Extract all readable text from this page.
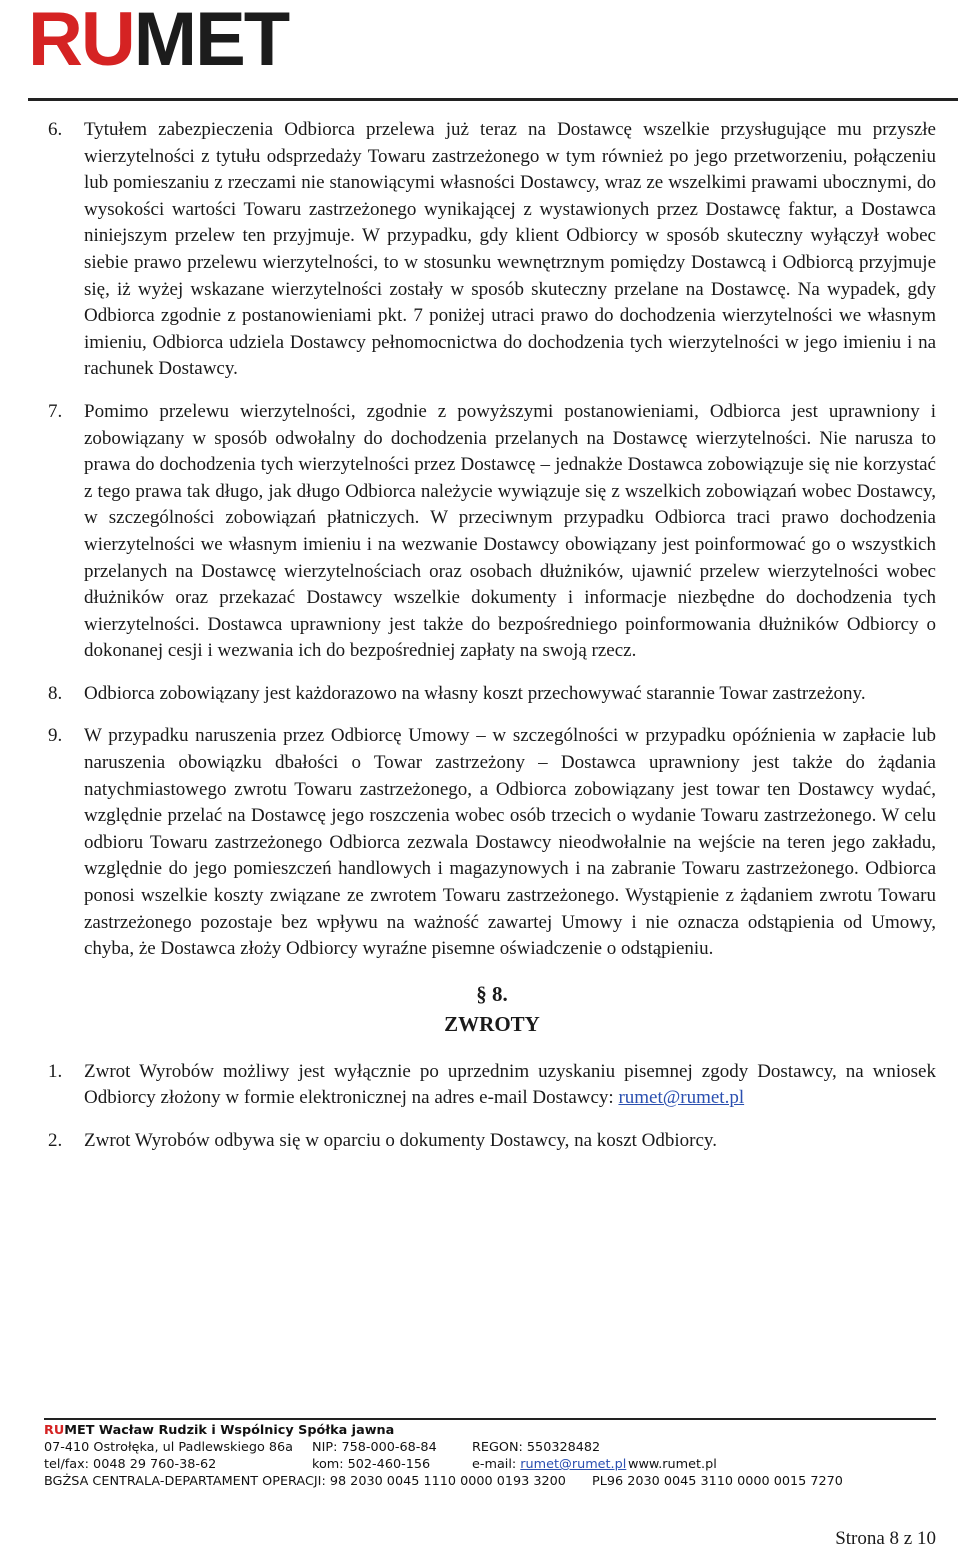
RUMET
6. Tytułem zabezpieczenia Odbiorca przelewa już teraz na Dostawcę wszelkie przysługujące mu przyszłe wierzytelności z tytułu odsprzedaży Towaru zastrzeżonego w tym również po jego przetworzeniu, połączeniu lub pomieszaniu z rzeczami nie stanowiącymi własności Dostawcy, wraz ze wszelkimi prawami ubocznymi, do wysokości wartości Towaru zastrzeżonego wynikającej z wystawionych przez Dostawcę faktur, a Dostawca niniejszym przelew ten przyjmuje. W przypadku, gdy klient Odbiorcy w sposób skuteczny wyłączył wobec siebie prawo przelewu wierzytelności, to w stosunku wewnętrznym pomiędzy Dostawcą i Odbiorcą przyjmuje się, iż wyżej wskazane wierzytelności zostały w sposób skuteczny przelane na Dostawcę. Na wypadek, gdy Odbiorca zgodnie z postanowieniami pkt. 7 poniżej utraci prawo do dochodzenia wierzytelności we własnym imieniu, Odbiorca udziela Dostawcy pełnomocnictwa do dochodzenia tych wierzytelności w jego imieniu i na rachunek Dostawcy.
7. Pomimo przelewu wierzytelności, zgodnie z powyższymi postanowieniami, Odbiorca jest uprawniony i zobowiązany w sposób odwołalny do dochodzenia przelanych na Dostawcę wierzytelności. Nie narusza to prawa do dochodzenia tych wierzytelności przez Dostawcę – jednakże Dostawca zobowiązuje się nie korzystać z tego prawa tak długo, jak długo Odbiorca należycie wywiązuje się z wszelkich zobowiązań wobec Dostawcy, w szczególności zobowiązań płatniczych. W przeciwnym przypadku Odbiorca traci prawo dochodzenia wierzytelności we własnym imieniu i na wezwanie Dostawcy obowiązany jest poinformować go o wszystkich przelanych na Dostawcę wierzytelnościach oraz osobach dłużników, ujawnić przelew wierzytelności wobec dłużników oraz przekazać Dostawcy wszelkie dokumenty i informacje niezbędne do dochodzenia tych wierzytelności. Dostawca uprawniony jest także do bezpośredniego poinformowania dłużników Odbiorcy o dokonanej cesji i wezwania ich do bezpośredniej zapłaty na swoją rzecz.
8. Odbiorca zobowiązany jest każdorazowo na własny koszt przechowywać starannie Towar zastrzeżony.
9. W przypadku naruszenia przez Odbiorcę Umowy – w szczególności w przypadku opóźnienia w zapłacie lub naruszenia obowiązku dbałości o Towar zastrzeżony – Dostawca uprawniony jest także do żądania natychmiastowego zwrotu Towaru zastrzeżonego, a Odbiorca zobowiązany jest towar ten Dostawcy wydać, względnie przelać na Dostawcę jego roszczenia wobec osób trzecich o wydanie Towaru zastrzeżonego. W celu odbioru Towaru zastrzeżonego Odbiorca zezwala Dostawcy nieodwołalnie na wejście na teren jego zakładu, względnie do jego pomieszczeń handlowych i magazynowych i na zabranie Towaru zastrzeżonego. Odbiorca ponosi wszelkie koszty związane ze zwrotem Towaru zastrzeżonego. Wystąpienie z żądaniem zwrotu Towaru zastrzeżonego pozostaje bez wpływu na ważność zawartej Umowy i nie oznacza odstąpienia od Umowy, chyba, że Dostawca złoży Odbiorcy wyraźne pisemne oświadczenie o odstąpieniu.
§ 8.
ZWROTY
1. Zwrot Wyrobów możliwy jest wyłącznie po uprzednim uzyskaniu pisemnej zgody Dostawcy, na wniosek Odbiorcy złożony w formie elektronicznej na adres e-mail Dostawcy: rumet@rumet.pl
2. Zwrot Wyrobów odbywa się w oparciu o dokumenty Dostawcy, na koszt Odbiorcy.
RU MET Wacław Rudzik i Wspólnicy Spółka jawna
07-410 Ostrołęka, ul Padlewskiego 86a	NIP: 758-000-68-84	REGON: 550328482
tel/fax: 0048 29 760-38-62	kom: 502-460-156	e-mail: rumet@rumet.pl www.rumet.pl
BGŻSA CENTRALA-DEPARTAMENT OPERACJI: 98 2030 0045 1110 0000 0193 3200	PL96 2030 0045 3110 0000 0015 7270
Strona 8 z 10
